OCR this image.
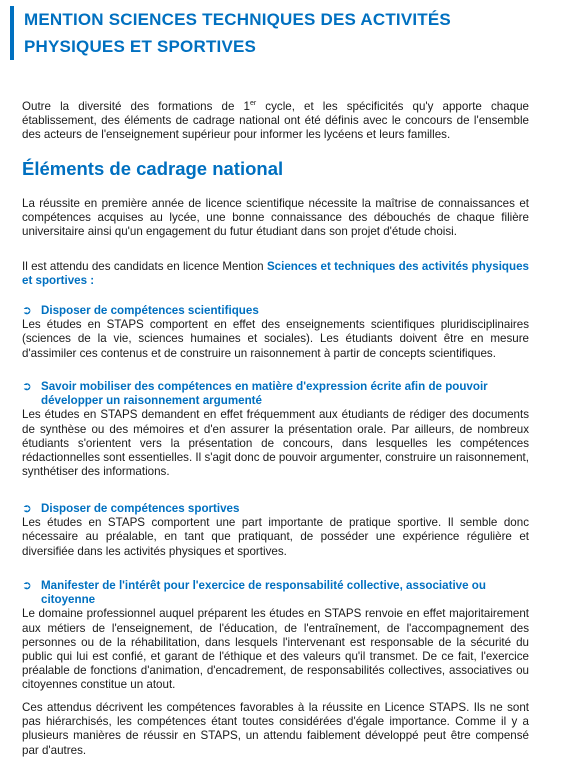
MENTION SCIENCES TECHNIQUES DES ACTIVITÉS
PHYSIQUES ET SPORTIVES

Outre la diversité des formations de 1er cycle, et les spécificités qu'y apporte chaque établissement, des éléments de cadrage national ont été définis avec le concours de l'ensemble des acteurs de l'enseignement supérieur pour informer les lycéens et leurs familles.

Éléments de cadrage national

La réussite en première année de licence scientifique nécessite la maîtrise de connaissances et compétences acquises au lycée, une bonne connaissance des débouchés de chaque filière universitaire ainsi qu'un engagement du futur étudiant dans son projet d'étude choisi.

Il est attendu des candidats en licence Mention Sciences et techniques des activités physiques et sportives :

➲ Disposer de compétences scientifiques

Les études en STAPS comportent en effet des enseignements scientifiques pluridisciplinaires (sciences de la vie, sciences humaines et sociales). Les étudiants doivent être en mesure d'assimiler ces contenus et de construire un raisonnement à partir de concepts scientifiques.

➲ Savoir mobiliser des compétences en matière d'expression écrite afin de pouvoir développer un raisonnement argumenté

Les études en STAPS demandent en effet fréquemment aux étudiants de rédiger des documents de synthèse ou des mémoires et d'en assurer la présentation orale. Par ailleurs, de nombreux étudiants s'orientent vers la présentation de concours, dans lesquelles les compétences rédactionnelles sont essentielles. Il s'agit donc de pouvoir argumenter, construire un raisonnement, synthétiser des informations.

➲ Disposer de compétences sportives

Les études en STAPS comportent une part importante de pratique sportive. Il semble donc nécessaire au préalable, en tant que pratiquant, de posséder une expérience régulière et diversifiée dans les activités physiques et sportives.

➲ Manifester de l'intérêt pour l'exercice de responsabilité collective, associative ou citoyenne

Le domaine professionnel auquel préparent les études en STAPS renvoie en effet majoritairement aux métiers de l'enseignement, de l'éducation, de l'entraînement, de l'accompagnement des personnes ou de la réhabilitation, dans lesquels l'intervenant est responsable de la sécurité du public qui lui est confié, et garant de l'éthique et des valeurs qu'il transmet. De ce fait, l'exercice préalable de fonctions d'animation, d'encadrement, de responsabilités collectives, associatives ou citoyennes constitue un atout.

Ces attendus décrivent les compétences favorables à la réussite en Licence STAPS. Ils ne sont pas hiérarchisés, les compétences étant toutes considérées d'égale importance. Comme il y a plusieurs manières de réussir en STAPS, un attendu faiblement développé peut être compensé par d'autres.
